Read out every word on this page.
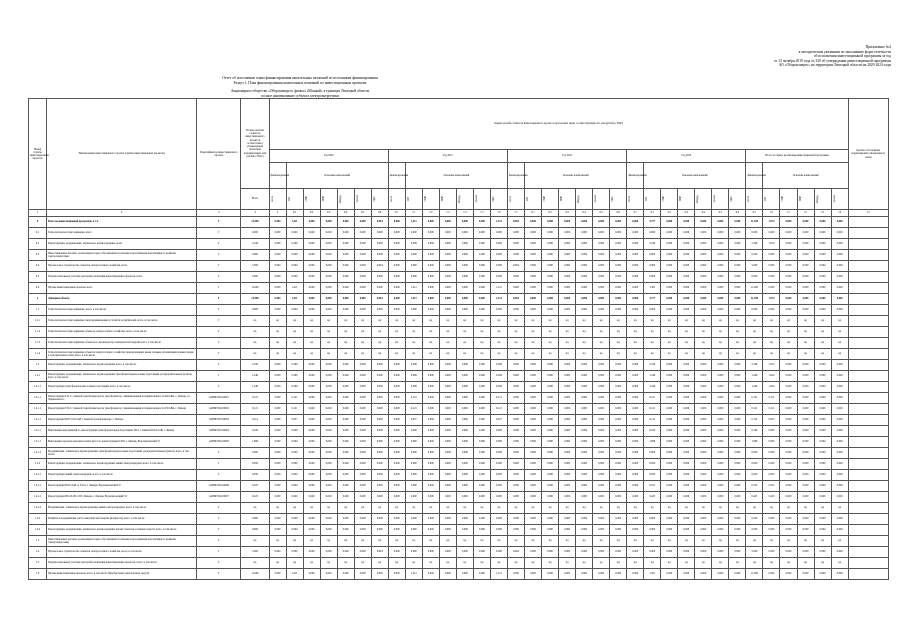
Приложение №4
к методическим указаниям по заполнению форм отчетности
об исполнении инвестиционной программы за год
от 13 октября 2019 года № 320 об утверждении инвестиционной программы
АО «Оборонэнерго» на территории Липецкой области на 2020-2024 годы
Отчет об исполнении плана финансирования капитальных вложений по источникам финансирования
Раздел 1. План финансирования капитальных вложений по инвестиционным проектам
Акционерное общество «Оборонэнерго» филиал «Южный» в границах Липецкой области
полное наименование субъекта электроэнергетики
Номер группы инвестиционных проектов	Наименование инвестиционного проекта (группы инвестиционных проектов)	Идентификатор инвестиционного проекта	Полная сметная стоимость инвестиционного проекта в соответствии с утвержденной проектной документацией, млн рублей (с НДС)	Оценка полной стоимости инвестиционного проекта в прогнозных ценах соответствующих лет, млн рублей (с НДС)																																		Краткое обоснование корректировки утвержденного плана

				Год 2020							Год 2021							Год 2022							Год 2023							Итого за период реализации инвестиционной программы						
				финансирования	Освоение капвложений						финансирования	Освоение капвложений						финансирования	Освоение капвложений						финансирования	Освоение капвложений						финансирования	Освоение капвложений					
			Всего	всего	КП	СМР	ПНР	оборуд.	прочее	НДС	всего	КП	СМР	ПНР	оборуд.	прочее	НДС	всего	КП	СМР	ПНР	оборуд.	прочее	НДС	всего	КП	СМР	ПНР	оборуд.	прочее	НДС	всего	КП	СМР	ПНР	оборуд.	прочее	

1	2	3	4	5	6.1	6.2	6.3	6.4	6.5	6.6	6.7	7.1	7.2	7.3	7.4	7.5	7.6	7.7	8.1	8.2	8.3	8.4	8.5	8.6	8.7	9.1	9.2	9.3	9.4	9.5	9.6	9.7	10	11	12	13	14	15
0	Всего по инвестиционной программе, в т.ч.	Г	14,489	0,904	1,411	0,000	0,000	0,000	0,000	0,904	0,000	1,411	0,000	0,000	0,000	0,000	1,411	0,904	0,000	0,000	0,000	0,000	0,000	0,000	0,000	3,777	0,000	0,000	0,000	0,000	0,000	11,298	1,974	0,000	0,000	0,000	0,000	
0.1	Технологическое присоединение, всего	Г	0,000	0,000	0,000	0,000	0,000	0,000	0,000	0,000	0,000	0,000	0,000	0,000	0,000	0,000	0,000	0,000	0,000	0,000	0,000	0,000	0,000	0,000	0,000	0,000	0,000	0,000	0,000	0,000	0,000	0,000	0,000	0,000	0,000	0,000	0,000	
0.2	Реконструкция, модернизация, техническое перевооружение, всего	Г	2,196	0,000	0,299	0,000	0,000	0,000	0,000	0,000	0,000	0,299	0,000	0,000	0,000	0,000	0,299	0,000	0,000	0,000	0,000	0,000	0,000	0,000	0,000	2,196	0,000	0,000	0,000	0,000	0,000	2,196	1,974	0,000	0,000	0,000	0,000	
0.3	Инвестиционные проекты, реализация которых обуславливается схемами и программами перспективного развития электроэнергетики	Г	0,000	0,000	0,000	0,000	0,000	0,000	0,000	0,000	0,000	0,000	0,000	0,000	0,000	0,000	0,000	0,000	0,000	0,000	0,000	0,000	0,000	0,000	0,000	0,000	0,000	0,000	0,000	0,000	0,000	0,000	0,000	0,000	0,000	0,000	0,000	
0.4	Прочее новое строительство объектов электросетевого хозяйства, всего	Г	5,000	0,904	0,000	0,000	0,000	0,000	0,000	0,904	0,000	0,000	0,000	0,000	0,000	0,000	0,000	0,904	0,000	0,000	0,000	0,000	0,000	0,000	0,000	0,000	0,000	0,000	0,000	0,000	0,000	5,000	0,000	0,000	0,000	0,000	0,000	
0.5	Покупка земельных участков для целей реализации инвестиционных проектов, всего	Г	0,000	0,000	0,000	0,000	0,000	0,000	0,000	0,000	0,000	0,000	0,000	0,000	0,000	0,000	0,000	0,000	0,000	0,000	0,000	0,000	0,000	0,000	0,000	0,000	0,000	0,000	0,000	0,000	0,000	0,000	0,000	0,000	0,000	0,000	0,000	
0.6	Прочие инвестиционные проекты, всего	Г	11,000	0,000	1,411	0,000	0,000	0,000	0,000	0,000	0,000	1,411	0,000	0,000	0,000	0,000	1,411	0,000	0,000	0,000	0,000	0,000	0,000	0,000	0,000	1,581	0,000	0,000	0,000	0,000	0,000	11,000	0,000	0,000	0,000	0,000	0,000	
1	Липецкая область	Г	14,489	0,904	1,411	0,000	0,000	0,000	0,000	0,904	0,000	1,411	0,000	0,000	0,000	0,000	1,411	0,904	0,000	0,000	0,000	0,000	0,000	0,000	0,000	3,777	0,000	0,000	0,000	0,000	0,000	11,298	1,974	0,000	0,000	0,000	0,000	
1.1	Технологическое присоединение, всего, в том числе:	Г	0,000	0,000	0,000	0,000	0,000	0,000	0,000	0,000	0,000	0,000	0,000	0,000	0,000	0,000	0,000	0,000	0,000	0,000	0,000	0,000	0,000	0,000	0,000	0,000	0,000	0,000	0,000	0,000	0,000	0,000	0,000	0,000	0,000	0,000	0,000	
1.1.1	Технологическое присоединение энергопринимающих устройств потребителей, всего, в том числе:	Г	нд	нд	нд	нд	нд	нд	нд	нд	нд	нд	нд	нд	нд	нд	нд	нд	нд	нд	нд	нд	нд	нд	нд	нд	нд	нд	нд	нд	нд	нд	нд	нд	нд	нд	нд	
1.1.2	Технологическое присоединение объектов электросетевого хозяйства, всего, в том числе:	Г	нд	нд	нд	нд	нд	нд	нд	нд	нд	нд	нд	нд	нд	нд	нд	нд	нд	нд	нд	нд	нд	нд	нд	нд	нд	нд	нд	нд	нд	нд	нд	нд	нд	нд	нд	
1.1.3	Технологическое присоединение объектов по производству электрической энергии всего, в том числе:	Г	нд	нд	нд	нд	нд	нд	нд	нд	нд	нд	нд	нд	нд	нд	нд	нд	нд	нд	нд	нд	нд	нд	нд	нд	нд	нд	нд	нд	нд	нд	нд	нд	нд	нд	нд	
1.1.4	Технологическое присоединение объектов электросетевого хозяйства, принадлежащих иным сетевым организациям и иным лицам, к электрическим сетям, всего, в том числе:	Г	нд	нд	нд	нд	нд	нд	нд	нд	нд	нд	нд	нд	нд	нд	нд	нд	нд	нд	нд	нд	нд	нд	нд	нд	нд	нд	нд	нд	нд	нд	нд	нд	нд	нд	нд	
1.2	Реконструкция, модернизация, техническое перевооружение всего, в том числе:	Г	2,196	0,000	0,299	0,000	0,000	0,000	0,000	0,000	0,000	0,299	0,000	0,000	0,000	0,000	0,299	0,000	0,000	0,000	0,000	0,000	0,000	0,000	0,000	2,196	0,000	0,000	0,000	0,000	0,000	2,196	1,974	0,000	0,000	0,000	0,000	
1.2.1	Реконструкция, модернизация, техническое перевооружение трансформаторных и иных подстанций, распределительных пунктов, всего, в том числе:	Г	1,246	0,000	0,299	0,000	0,000	0,000	0,000	0,000	0,000	0,299	0,000	0,000	0,000	0,000	0,299	0,000	0,000	0,000	0,000	0,000	0,000	0,000	0,000	1,246	0,000	0,000	0,000	0,000	0,000	1,246	1,024	0,000	0,000	0,000	0,000	
1.2.1.1	Реконструкция трансформаторных и иных подстанций, всего, в том числе:	Г	1,246	0,000	0,299	0,000	0,000	0,000	0,000	0,000	0,000	0,299	0,000	0,000	0,000	0,000	0,299	0,000	0,000	0,000	0,000	0,000	0,000	0,000	0,000	1,246	0,000	0,000	0,000	0,000	0,000	1,246	1,024	0,000	0,000	0,000	0,000	
1.2.1.1	Реконструкция ТП-1 с заменой трансформатора на трансформатор с минимальными потерями мощности 400 кВА, г. Липецк, ул. Черняховского	G2ЮЧ7002-00001	0,121	0,000	0,121	0,000	0,000	0,000	0,000	0,000	0,000	0,121	0,000	0,000	0,000	0,000	0,121	0,000	0,000	0,000	0,000	0,000	0,000	0,000	0,000	0,121	0,000	0,000	0,000	0,000	0,000	0,121	0,111	0,000	0,000	0,000	0,000	
1.2.1.1	Реконструкция ТП-2 с заменой трансформатора на трансформатор с минимальными потерями мощности 250 кВА, г. Липецк	G2ЮЧ7002-00002	0,121	0,000	0,121	0,000	0,000	0,000	0,000	0,000	0,000	0,121	0,000	0,000	0,000	0,000	0,121	0,000	0,000	0,000	0,000	0,000	0,000	0,000	0,000	0,121	0,000	0,000	0,000	0,000	0,000	0,121	0,111	0,000	0,000	0,000	0,000	
1.2.1.1	Реконструкция КТП 10/0,4 кВ с заменой трансформатора, г. Липецк	G2ЮЧ7002-00003	0,114	0,000	0,057	0,000	0,000	0,000	0,000	0,000	0,000	0,057	0,000	0,000	0,000	0,000	0,057	0,000	0,000	0,000	0,000	0,000	0,000	0,000	0,000	0,114	0,000	0,000	0,000	0,000	0,000	0,114	0,053	0,000	0,000	0,000	0,000	
1.2.1.1	Выполнение мероприятий по реконструкции трансформаторной подстанции ТП-4 с заменой КЛ-0,4 кВ, г. Липецк	G2ЮЧ7002-00004	0,160	0,000	0,000	0,000	0,000	0,000	0,000	0,000	0,000	0,000	0,000	0,000	0,000	0,000	0,000	0,000	0,000	0,000	0,000	0,000	0,000	0,000	0,000	0,160	0,000	0,000	0,000	0,000	0,000	0,160	0,000	0,000	0,000	0,000	0,000	
1.2.1.1	Выполнение проектно-изыскательских работ по реконструкции ТП-6, г. Липецк, Ворошиловский ГО	G2ЮЧ7002-00005	1,996	0,000	0,000	0,000	0,000	0,000	0,000	0,000	0,000	0,000	0,000	0,000	0,000	0,000	0,000	0,000	0,000	0,000	0,000	0,000	0,000	0,000	0,000	1,996	0,000	0,000	0,000	0,000	0,000	1,996	0,000	0,000	0,000	0,000	0,000	
1.2.1.2	Модернизация, техническое перевооружение трансформаторных и иных подстанций, распределительных пунктов, всего, в том числе:	Г	0,000	0,000	0,000	0,000	0,000	0,000	0,000	0,000	0,000	0,000	0,000	0,000	0,000	0,000	0,000	0,000	0,000	0,000	0,000	0,000	0,000	0,000	0,000	0,000	0,000	0,000	0,000	0,000	0,000	0,000	0,000	0,000	0,000	0,000	0,000	
1.2.2	Реконструкция, модернизация, техническое перевооружение линий электропередачи, всего, в том числе:	Г	0,950	0,000	0,000	0,000	0,000	0,000	0,000	0,000	0,000	0,000	0,000	0,000	0,000	0,000	0,000	0,000	0,000	0,000	0,000	0,000	0,000	0,000	0,000	0,950	0,000	0,000	0,000	0,000	0,000	0,950	0,950	0,000	0,000	0,000	0,000	
1.2.2.1	Реконструкция линий электропередачи, всего, в том числе:	Г	0,950	0,000	0,000	0,000	0,000	0,000	0,000	0,000	0,000	0,000	0,000	0,000	0,000	0,000	0,000	0,000	0,000	0,000	0,000	0,000	0,000	0,000	0,000	0,950	0,000	0,000	0,000	0,000	0,000	0,950	0,950	0,000	0,000	0,000	0,000	
1.2.2.1	Реконструкция ВЛ-0,4 кВ от ТП-4, г. Липецк, Ворошиловский ГО	G2ЮЧ7002-00006	0,525	0,000	0,000	0,000	0,000	0,000	0,000	0,000	0,000	0,000	0,000	0,000	0,000	0,000	0,000	0,000	0,000	0,000	0,000	0,000	0,000	0,000	0,000	0,525	0,000	0,000	0,000	0,000	0,000	0,525	0,525	0,000	0,000	0,000	0,000	
1.2.2.1	Реконструкция ВЛ-10 кВ от ПС Липецк, г. Липецк, Ворошиловский ГО	G2ЮЧ7002-00007	0,425	0,000	0,000	0,000	0,000	0,000	0,000	0,000	0,000	0,000	0,000	0,000	0,000	0,000	0,000	0,000	0,000	0,000	0,000	0,000	0,000	0,000	0,000	0,425	0,000	0,000	0,000	0,000	0,000	0,425	0,425	0,000	0,000	0,000	0,000	
1.2.2.2	Модернизация, техническое перевооружение линий электропередачи, всего, в том числе:	Г	нд	нд	нд	нд	нд	нд	нд	нд	нд	нд	нд	нд	нд	нд	нд	нд	нд	нд	нд	нд	нд	нд	нд	нд	нд	нд	нд	нд	нд	нд	нд	нд	нд	нд	нд	
1.2.3	Развитие и модернизация учета электрической энергии (мощности), всего, в том числе:	Г	0,000	0,000	0,000	0,000	0,000	0,000	0,000	0,000	0,000	0,000	0,000	0,000	0,000	0,000	0,000	0,000	0,000	0,000	0,000	0,000	0,000	0,000	0,000	0,000	0,000	0,000	0,000	0,000	0,000	0,000	0,000	0,000	0,000	0,000	0,000	
1.2.4	Реконструкция, модернизация, техническое перевооружение прочих объектов основных средств, всего, в том числе:	Г	0,000	0,000	0,000	0,000	0,000	0,000	0,000	0,000	0,000	0,000	0,000	0,000	0,000	0,000	0,000	0,000	0,000	0,000	0,000	0,000	0,000	0,000	0,000	0,000	0,000	0,000	0,000	0,000	0,000	0,000	0,000	0,000	0,000	0,000	0,000	
1.3	Инвестиционные проекты, реализация которых обуславливается схемами и программами перспективного развития электроэнергетики	Г	нд	нд	нд	нд	нд	нд	нд	нд	нд	нд	нд	нд	нд	нд	нд	нд	нд	нд	нд	нд	нд	нд	нд	нд	нд	нд	нд	нд	нд	нд	нд	нд	нд	нд	нд	
1.4	Прочее новое строительство объектов электросетевого хозяйства, всего, в том числе:	Г	5,000	0,904	0,000	0,000	0,000	0,000	0,000	0,904	0,000	0,000	0,000	0,000	0,000	0,000	0,000	0,904	0,000	0,000	0,000	0,000	0,000	0,000	0,000	0,000	0,000	0,000	0,000	0,000	0,000	5,000	0,000	0,000	0,000	0,000	0,000	
1.5	Покупка земельных участков для целей реализации инвестиционных проектов, всего, в том числе:	Г	нд	нд	нд	нд	нд	нд	нд	нд	нд	нд	нд	нд	нд	нд	нд	нд	нд	нд	нд	нд	нд	нд	нд	нд	нд	нд	нд	нд	нд	нд	нд	нд	нд	нд	нд	
1.6	Прочие инвестиционные проекты, всего, в том числе: Приобретение транспортных средств	Г	11,000	0,000	1,411	0,000	0,000	0,000	0,000	0,000	0,000	1,411	0,000	0,000	0,000	0,000	1,411	0,000	0,000	0,000	0,000	0,000	0,000	0,000	0,000	1,581	0,000	0,000	0,000	0,000	0,000	11,000	0,000	0,000	0,000	0,000	0,000	
